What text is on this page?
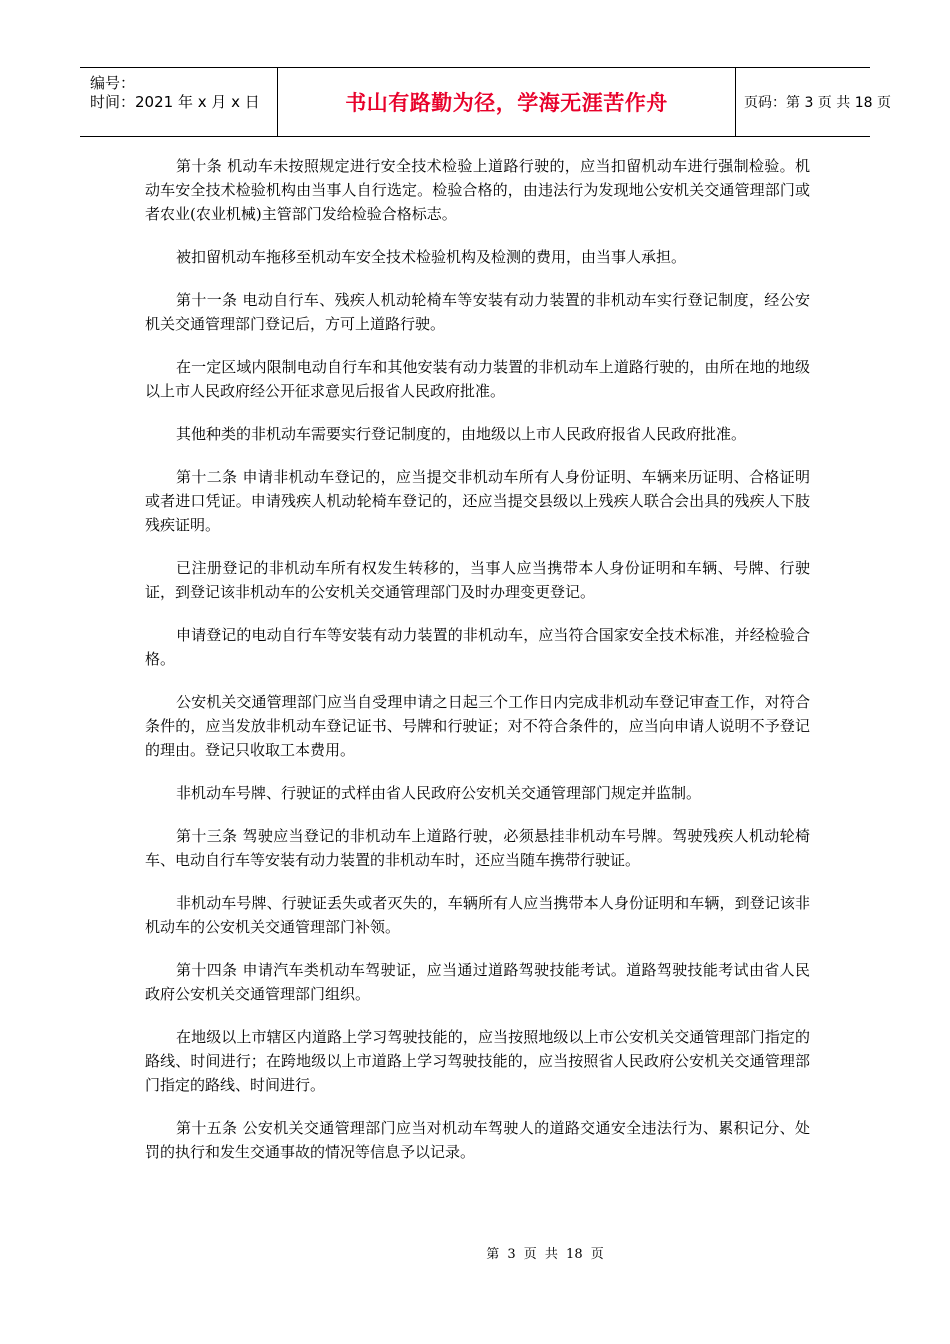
编号：
时间：2021 年 x 月 x 日	书山有路勤为径，学海无涯苦作舟	页码：第 3 页 共 18 页

第十条 机动车未按照规定进行安全技术检验上道路行驶的，应当扣留机动车进行强制检验。机动车安全技术检验机构由当事人自行选定。检验合格的，由违法行为发现地公安机关交通管理部门或者农业(农业机械)主管部门发给检验合格标志。

被扣留机动车拖移至机动车安全技术检验机构及检测的费用，由当事人承担。

第十一条 电动自行车、残疾人机动轮椅车等安装有动力装置的非机动车实行登记制度，经公安机关交通管理部门登记后，方可上道路行驶。

在一定区域内限制电动自行车和其他安装有动力装置的非机动车上道路行驶的，由所在地的地级以上市人民政府经公开征求意见后报省人民政府批准。

其他种类的非机动车需要实行登记制度的，由地级以上市人民政府报省人民政府批准。

第十二条 申请非机动车登记的，应当提交非机动车所有人身份证明、车辆来历证明、合格证明或者进口凭证。申请残疾人机动轮椅车登记的，还应当提交县级以上残疾人联合会出具的残疾人下肢残疾证明。

已注册登记的非机动车所有权发生转移的，当事人应当携带本人身份证明和车辆、号牌、行驶证，到登记该非机动车的公安机关交通管理部门及时办理变更登记。

申请登记的电动自行车等安装有动力装置的非机动车，应当符合国家安全技术标准，并经检验合格。

公安机关交通管理部门应当自受理申请之日起三个工作日内完成非机动车登记审查工作，对符合条件的，应当发放非机动车登记证书、号牌和行驶证；对不符合条件的，应当向申请人说明不予登记的理由。登记只收取工本费用。

非机动车号牌、行驶证的式样由省人民政府公安机关交通管理部门规定并监制。

第十三条 驾驶应当登记的非机动车上道路行驶，必须悬挂非机动车号牌。驾驶残疾人机动轮椅车、电动自行车等安装有动力装置的非机动车时，还应当随车携带行驶证。

非机动车号牌、行驶证丢失或者灭失的，车辆所有人应当携带本人身份证明和车辆，到登记该非机动车的公安机关交通管理部门补领。

第十四条 申请汽车类机动车驾驶证，应当通过道路驾驶技能考试。道路驾驶技能考试由省人民政府公安机关交通管理部门组织。

在地级以上市辖区内道路上学习驾驶技能的，应当按照地级以上市公安机关交通管理部门指定的路线、时间进行；在跨地级以上市道路上学习驾驶技能的，应当按照省人民政府公安机关交通管理部门指定的路线、时间进行。

第十五条 公安机关交通管理部门应当对机动车驾驶人的道路交通安全违法行为、累积记分、处罚的执行和发生交通事故的情况等信息予以记录。

第 3 页 共 18 页
